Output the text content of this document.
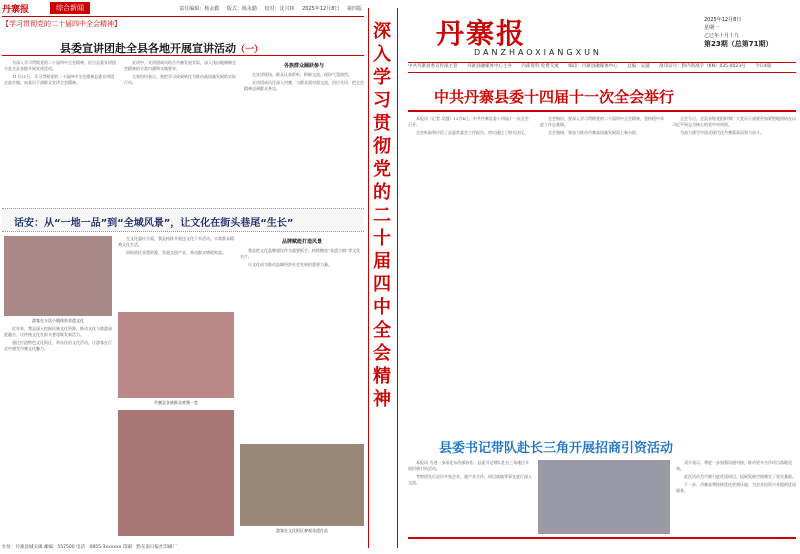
丹寨报	综合新闻	责任编辑：杨永勤 版式：杨永勤 校对：沈兴林 2025年12月8日 第四版
【学习贯彻党的二十届四中全会精神】
县委宣讲团赴全县各地开展宣讲活动（一）

为深入学习贯彻党的二十届四中全会精神，近日县委宣讲团分赴全县各地开展宣讲活动。

11月21日，学习贯彻党的二十届四中全会精神县委宣讲团走进乡镇，向基层干部群众宣讲全会精神。

宣讲中，宣讲团成员结合丹寨发展实际，深入浅出地阐释全会精神的丰富内涵和实践要求。

大家纷纷表示，要把学习成果转化为推动高质量发展的实际行动。

各族群众踊跃参与

在宣讲现场，群众认真聆听，积极交流，现场气氛热烈。

宣讲团成员还深入村寨，与群众面对面交流，回应关切，把全会精神送到群众身边。

话安：从“一地一品”到“全域风景”，让文化在街头巷尾“生长”
游客在万达小镇体验非遗文化

近年来，我县深入挖掘民族文化资源，推动文化与旅游深度融合，让传统文化在街头巷尾焕发新活力。

通过打造特色文化街区，举办民俗文化活动，让游客在行走中感受丹寨文化魅力。

在文化惠民方面，我县持续开展送文化下乡活动，丰富群众精神文化生活。

同时依托非遗资源，发展文创产业，带动群众增收致富。

丹寨县各族群众欢聚一堂
品牌赋能打造风景

我县把文化品牌建设作为重要抓手，持续擦亮“非遗小镇”等文化名片。

让文化成为推动县域经济社会发展的重要力量。

游客在文化街区参观非遗作品
深入学习贯彻党的二十届四中全会精神
丹寨报
DANZHAOXIANGXUN
2025年12月8日
星期一
乙巳年十月十九
第23期（总第71期）
中共丹寨县委宣传部主管 丹寨县融媒体中心主办 内部资料 免费交流 编印：丹寨县融媒体中心 总编：吴越 准印证号：黔内资准字（KN）035-0023号 今日4版
中共丹寨县委十四届十一次全会举行

本报讯（记者 吴越）12月4日，中共丹寨县委十四届十一次全会召开。

全会听取和讨论了县委常委会工作报告，审议通过了相关决议。

全会指出，要深入学习贯彻党的二十届四中全会精神，坚持稳中求进工作总基调。

全会强调，要奋力推动丹寨高质量发展再上新台阶。

全会号召，全县各级党组织和广大党员干部要更加紧密地团结在以习近平同志为核心的党中央周围。

为奋力谱写中国式现代化丹寨篇章而努力奋斗。

县委书记带队赴长三角开展招商引资活动

本报讯 为进一步深化东西部协作，县委书记带队赴长三角地区开展招商引资活动。

考察团先后走访多家企业，就产业合作、项目落地等事宜进行深入交流。

双方表示，将进一步加强沟通对接，推动更多合作项目落地见效。

此次活动为丹寨引进优质项目、拓展发展空间奠定了坚实基础。

下一步，丹寨县将持续优化营商环境，为企业投资兴业提供优质服务。

社址：丹寨县城关镇 邮编：557500 电话：0855-3xxxxxx 印刷：黔东南日报社印刷厂
